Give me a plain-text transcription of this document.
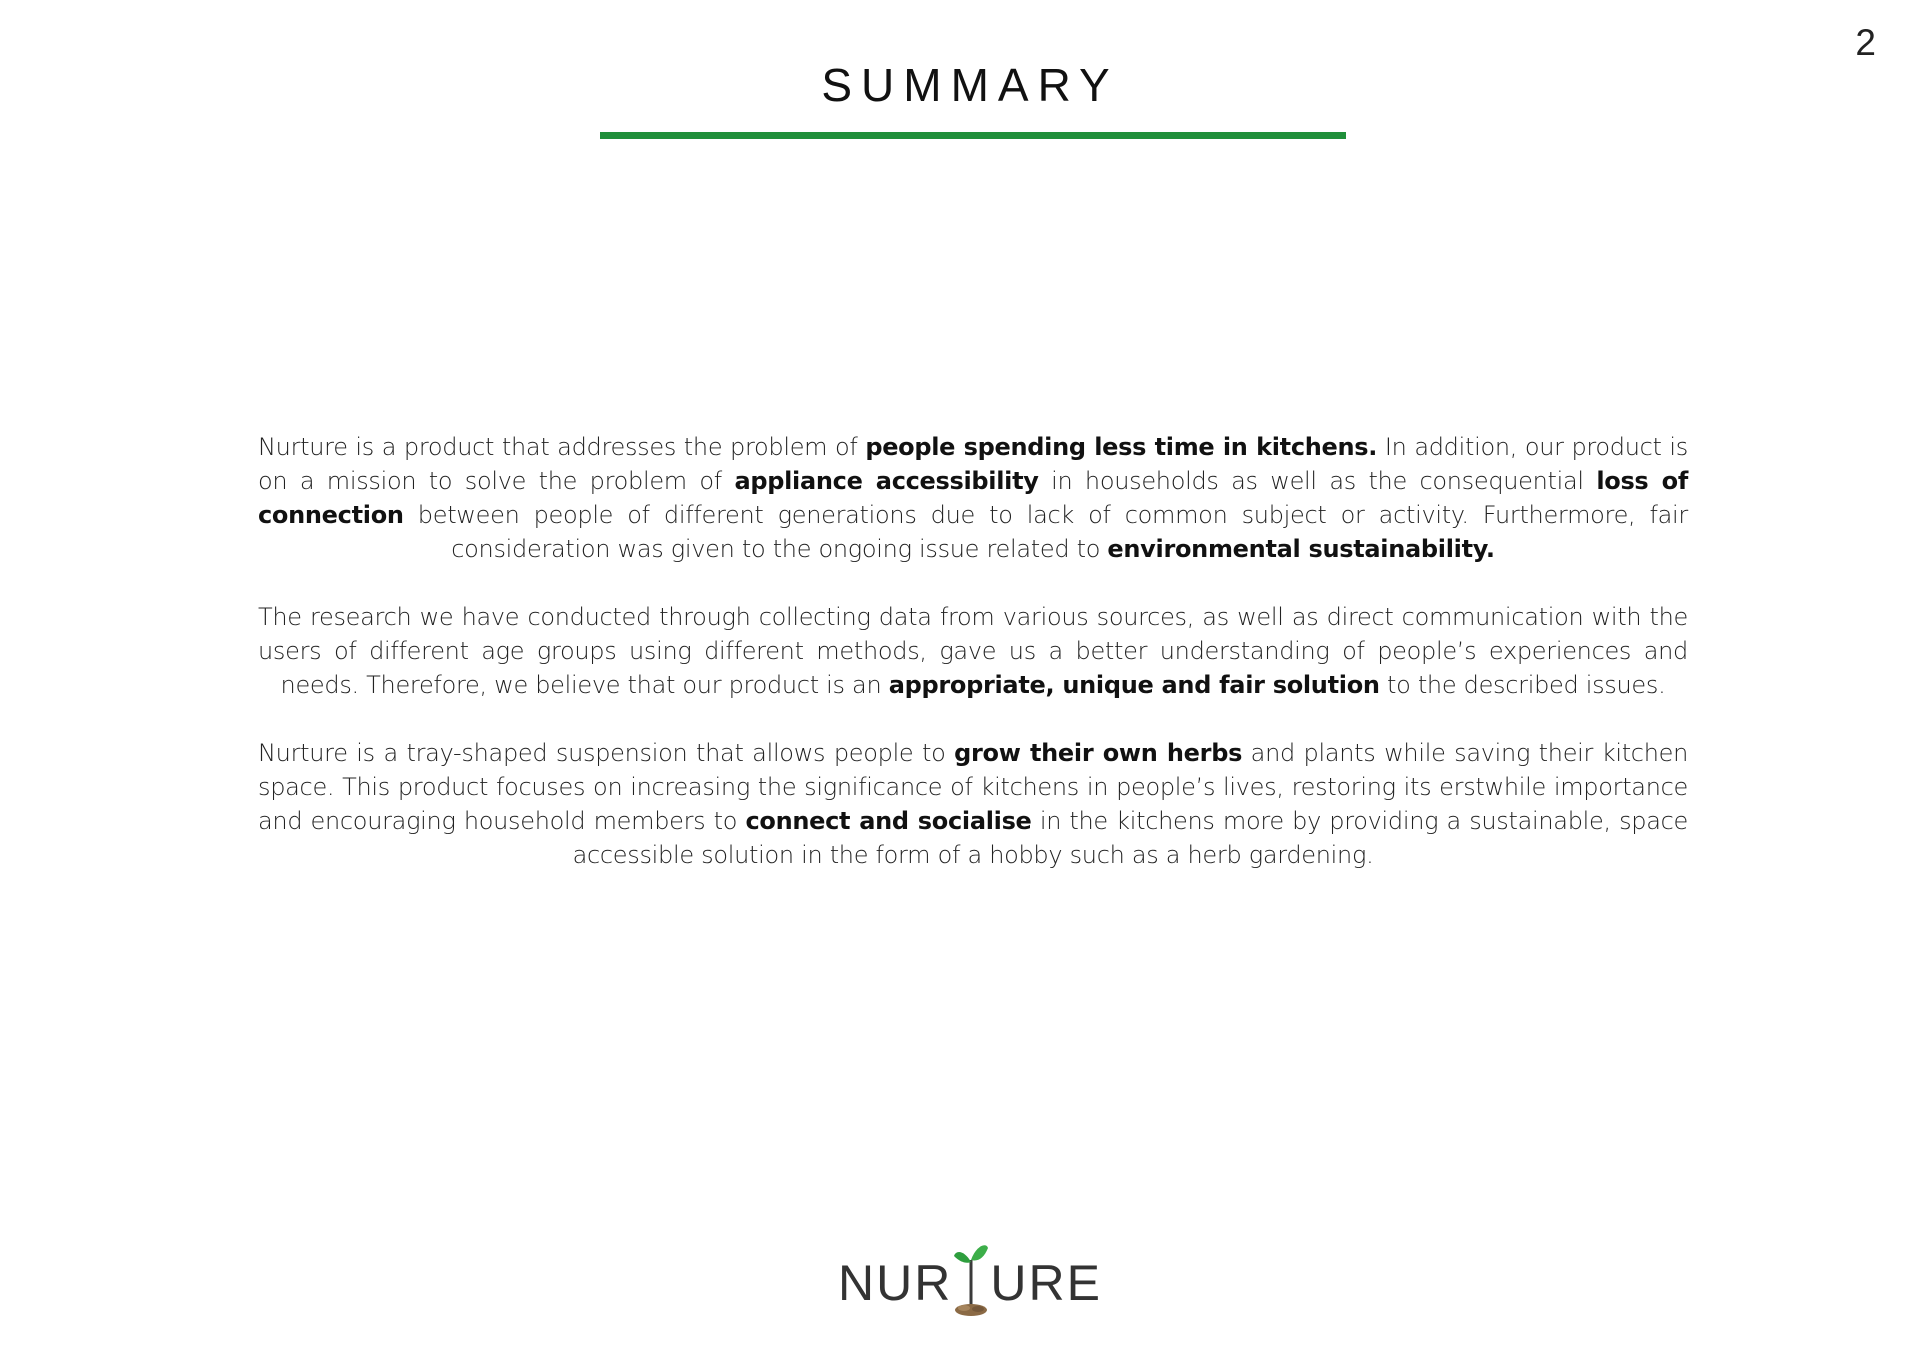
2
SUMMARY

Nurture is a product that addresses the problem of people spending less time in kitchens. In addition, our product is on a mission to solve the problem of appliance accessibility in households as well as the consequential loss of connection between people of different generations due to lack of common subject or activity. Furthermore, fair consideration was given to the ongoing issue related to environmental sustainability.

The research we have conducted through collecting data from various sources, as well as direct communication with the users of different age groups using different methods, gave us a better understanding of people’s experiences and needs. Therefore, we believe that our product is an appropriate, unique and fair solution to the described issues.

Nurture is a tray-shaped suspension that allows people to grow their own herbs and plants while saving their kitchen space. This product focuses on increasing the significance of kitchens in people’s lives, restoring its erstwhile importance and encouraging household members to connect and socialise in the kitchens more by providing a sustainable, space accessible solution in the form of a hobby such as a herb gardening.

NUR URE
